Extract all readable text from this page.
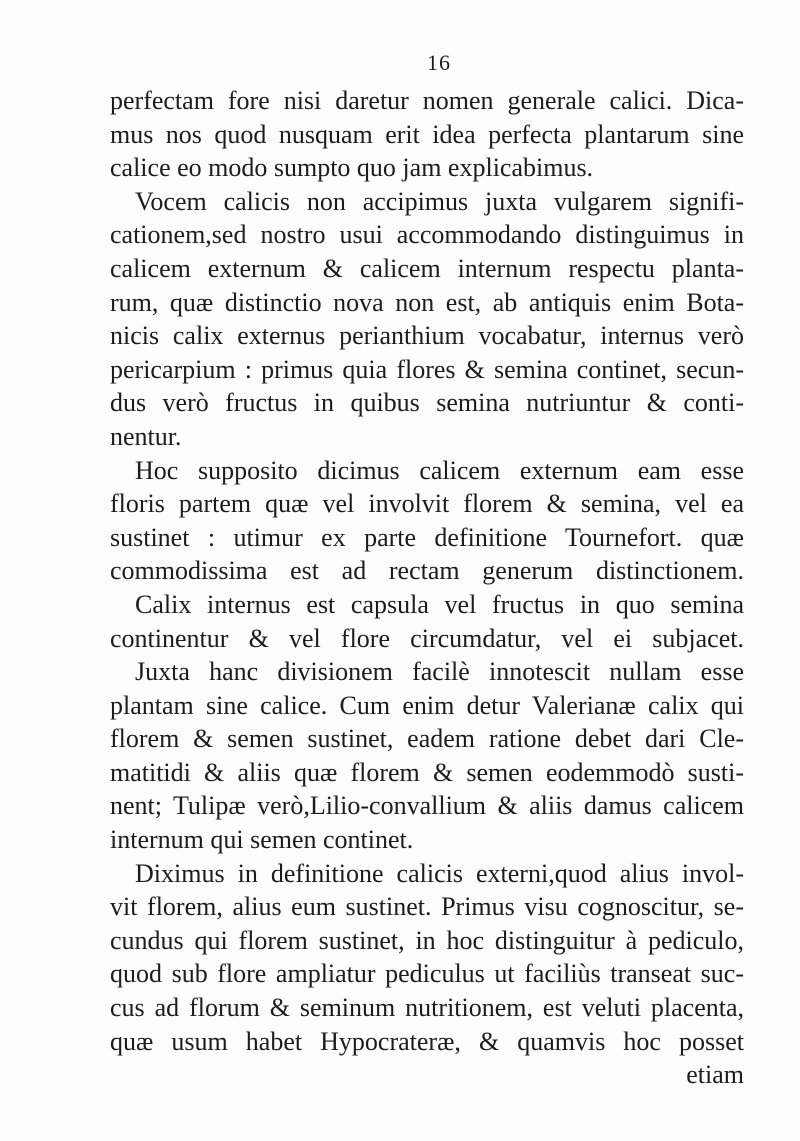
16
perfectam fore nisi daretur nomen generale calici. Dica-
mus nos quod nusquam erit idea perfecta plantarum sine
calice eo modo sumpto quo jam explicabimus.
Vocem calicis non accipimus juxta vulgarem signifi-
cationem,sed nostro usui accommodando distinguimus in
calicem externum & calicem internum respectu planta-
rum, quæ distinctio nova non est, ab antiquis enim Bota-
nicis calix externus perianthium vocabatur, internus verò
pericarpium : primus quia flores & semina continet, secun-
dus verò fructus in quibus semina nutriuntur & conti-
nentur.
Hoc supposito dicimus calicem externum eam esse
floris partem quæ vel involvit florem & semina, vel ea
sustinet : utimur ex parte definitione Tournefort. quæ
commodissima est ad rectam generum distinctionem.
Calix internus est capsula vel fructus in quo semina
continentur & vel flore circumdatur, vel ei subjacet.
Juxta hanc divisionem facilè innotescit nullam esse
plantam sine calice. Cum enim detur Valerianæ calix qui
florem & semen sustinet, eadem ratione debet dari Cle-
matitidi & aliis quæ florem & semen eodemmodò susti-
nent; Tulipæ verò,Lilio-convallium & aliis damus calicem
internum qui semen continet.
Diximus in definitione calicis externi,quod alius invol-
vit florem, alius eum sustinet. Primus visu cognoscitur, se-
cundus qui florem sustinet, in hoc distinguitur à pediculo,
quod sub flore ampliatur pediculus ut faciliùs transeat suc-
cus ad florum & seminum nutritionem, est veluti placenta,
quæ usum habet Hypocrateræ, & quamvis hoc posset
etiam
